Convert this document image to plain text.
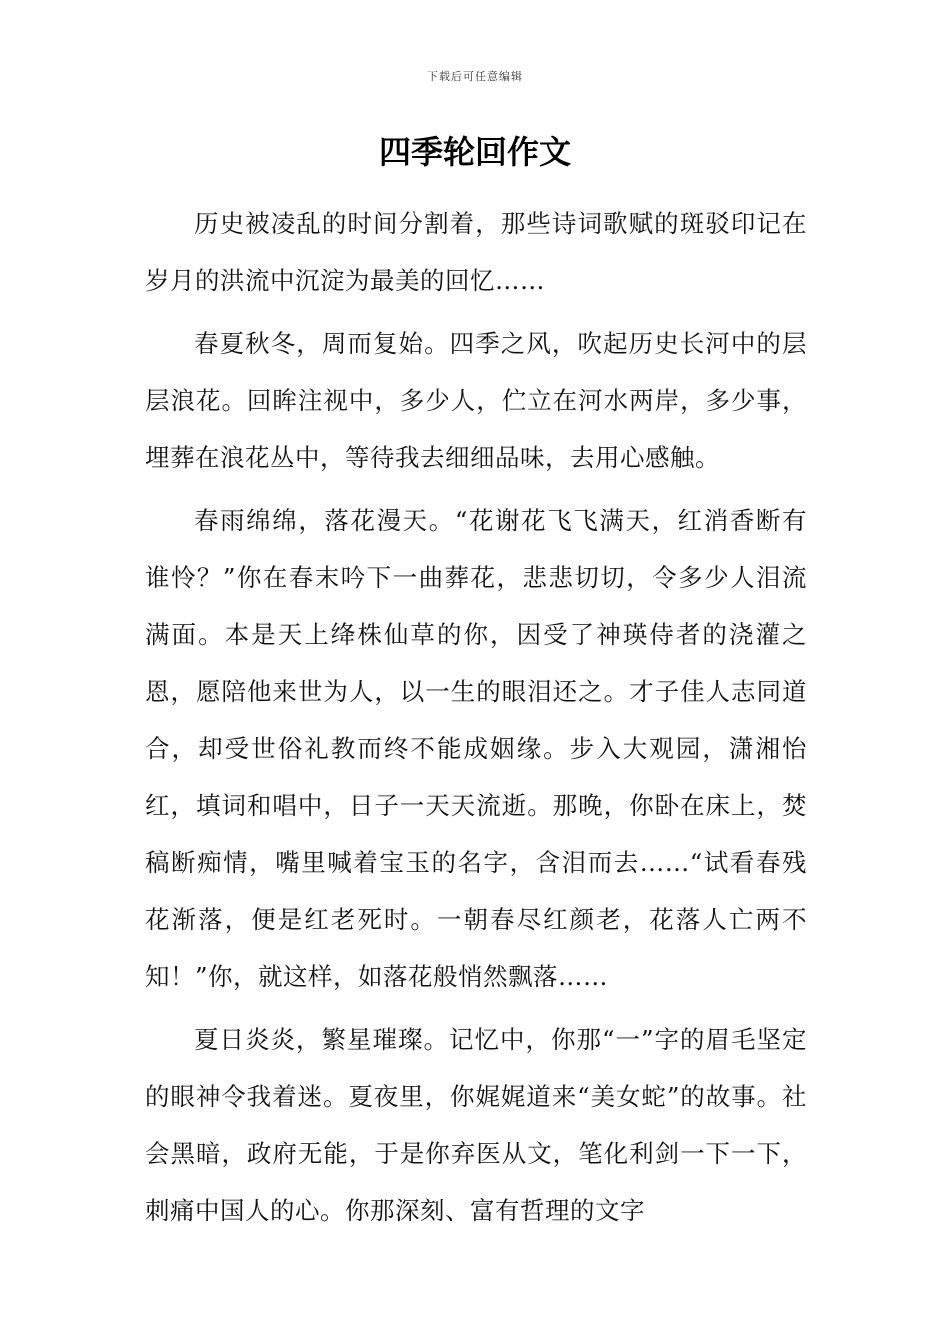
下载后可任意编辑
四季轮回作文

历史被凌乱的时间分割着，那些诗词歌赋的斑驳印记在岁月的洪流中沉淀为最美的回忆……

春夏秋冬，周而复始。四季之风，吹起历史长河中的层层浪花。回眸注视中，多少人，伫立在河水两岸，多少事，埋葬在浪花丛中，等待我去细细品味，去用心感触。

春雨绵绵，落花漫天。“花谢花飞飞满天，红消香断有谁怜？”你在春末吟下一曲葬花，悲悲切切，令多少人泪流满面。本是天上绛株仙草的你，因受了神瑛侍者的浇灌之恩，愿陪他来世为人，以一生的眼泪还之。才子佳人志同道合，却受世俗礼教而终不能成姻缘。步入大观园，潇湘怡红，填词和唱中，日子一天天流逝。那晚，你卧在床上，焚稿断痴情，嘴里喊着宝玉的名字，含泪而去……“试看春残花渐落，便是红老死时。一朝春尽红颜老，花落人亡两不知！”你，就这样，如落花般悄然飘落……

夏日炎炎，繁星璀璨。记忆中，你那“一”字的眉毛坚定的眼神令我着迷。夏夜里，你娓娓道来“美女蛇”的故事。社会黑暗，政府无能，于是你弃医从文，笔化利剑一下一下，刺痛中国人的心。你那深刻、富有哲理的文字
